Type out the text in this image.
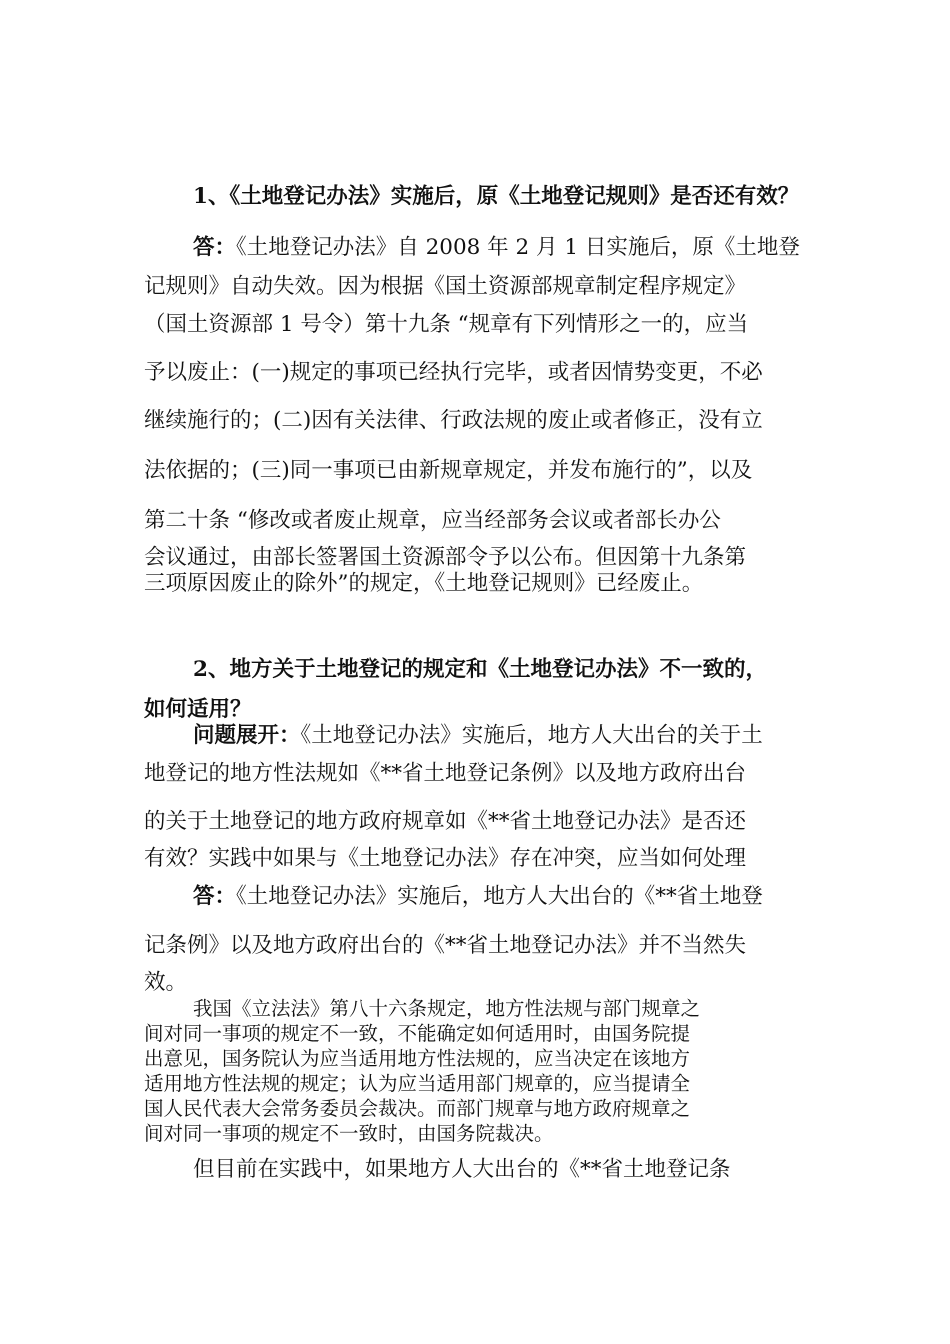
1、《土地登记办法》实施后，原《土地登记规则》是否还有效？

答：《土地登记办法》自 2008 年 2 月 1 日实施后，原《土地登

记规则》自动失效。因为根据《国土资源部规章制定程序规定》

（国土资源部 1 号令）第十九条 “规章有下列情形之一的，应当

予以废止：(一)规定的事项已经执行完毕，或者因情势变更，不必

继续施行的；(二)因有关法律、行政法规的废止或者修正，没有立

法依据的；(三)同一事项已由新规章规定，并发布施行的”，以及

第二十条 “修改或者废止规章，应当经部务会议或者部长办公

会议通过，由部长签署国土资源部令予以公布。但因第十九条第

三项原因废止的除外”的规定，《土地登记规则》已经废止。

2、地方关于土地登记的规定和《土地登记办法》不一致的，

如何适用？

问题展开：《土地登记办法》实施后，地方人大出台的关于土

地登记的地方性法规如《**省土地登记条例》以及地方政府出台

的关于土地登记的地方政府规章如《**省土地登记办法》是否还

有效？实践中如果与《土地登记办法》存在冲突，应当如何处理

答：《土地登记办法》实施后，地方人大出台的《**省土地登

记条例》以及地方政府出台的《**省土地登记办法》并不当然失

效。

我国《立法法》第八十六条规定，地方性法规与部门规章之

间对同一事项的规定不一致，不能确定如何适用时，由国务院提

出意见，国务院认为应当适用地方性法规的，应当决定在该地方

适用地方性法规的规定；认为应当适用部门规章的，应当提请全

国人民代表大会常务委员会裁决。而部门规章与地方政府规章之

间对同一事项的规定不一致时，由国务院裁决。

但目前在实践中，如果地方人大出台的《**省土地登记条
